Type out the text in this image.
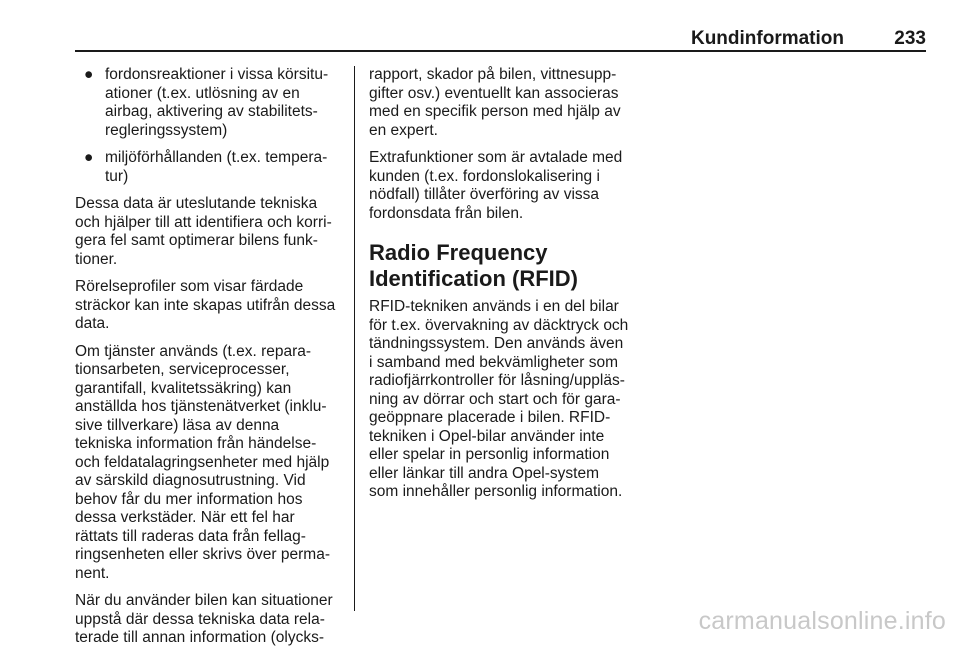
Kundinformation	233
● fordonsreaktioner i vissa körsitu-
ationer (t.ex. utlösning av en
airbag, aktivering av stabilitets-
regleringssystem)
● miljöförhållanden (t.ex. tempera-
tur)

Dessa data är uteslutande tekniska
och hjälper till att identifiera och korri-
gera fel samt optimerar bilens funk-
tioner.

Rörelseprofiler som visar färdade
sträckor kan inte skapas utifrån dessa
data.

Om tjänster används (t.ex. repara-
tionsarbeten, serviceprocesser,
garantifall, kvalitetssäkring) kan
anställda hos tjänstenätverket (inklu-
sive tillverkare) läsa av denna
tekniska information från händelse-
och feldatalagringsenheter med hjälp
av särskild diagnosutrustning. Vid
behov får du mer information hos
dessa verkstäder. När ett fel har
rättats till raderas data från fellag-
ringsenheten eller skrivs över perma-
nent.

När du använder bilen kan situationer
uppstå där dessa tekniska data rela-
terade till annan information (olycks-

rapport, skador på bilen, vittnesupp-
gifter osv.) eventuellt kan associeras
med en specifik person med hjälp av
en expert.

Extrafunktioner som är avtalade med
kunden (t.ex. fordonslokalisering i
nödfall) tillåter överföring av vissa
fordonsdata från bilen.

Radio Frequency
Identification (RFID)

RFID-tekniken används i en del bilar
för t.ex. övervakning av däcktryck och
tändningssystem. Den används även
i samband med bekvämligheter som
radiofjärrkontroller för låsning/uppläs-
ning av dörrar och start och för gara-
geöppnare placerade i bilen. RFID-
tekniken i Opel-bilar använder inte
eller spelar in personlig information
eller länkar till andra Opel-system
som innehåller personlig information.

carmanualsonline.info
